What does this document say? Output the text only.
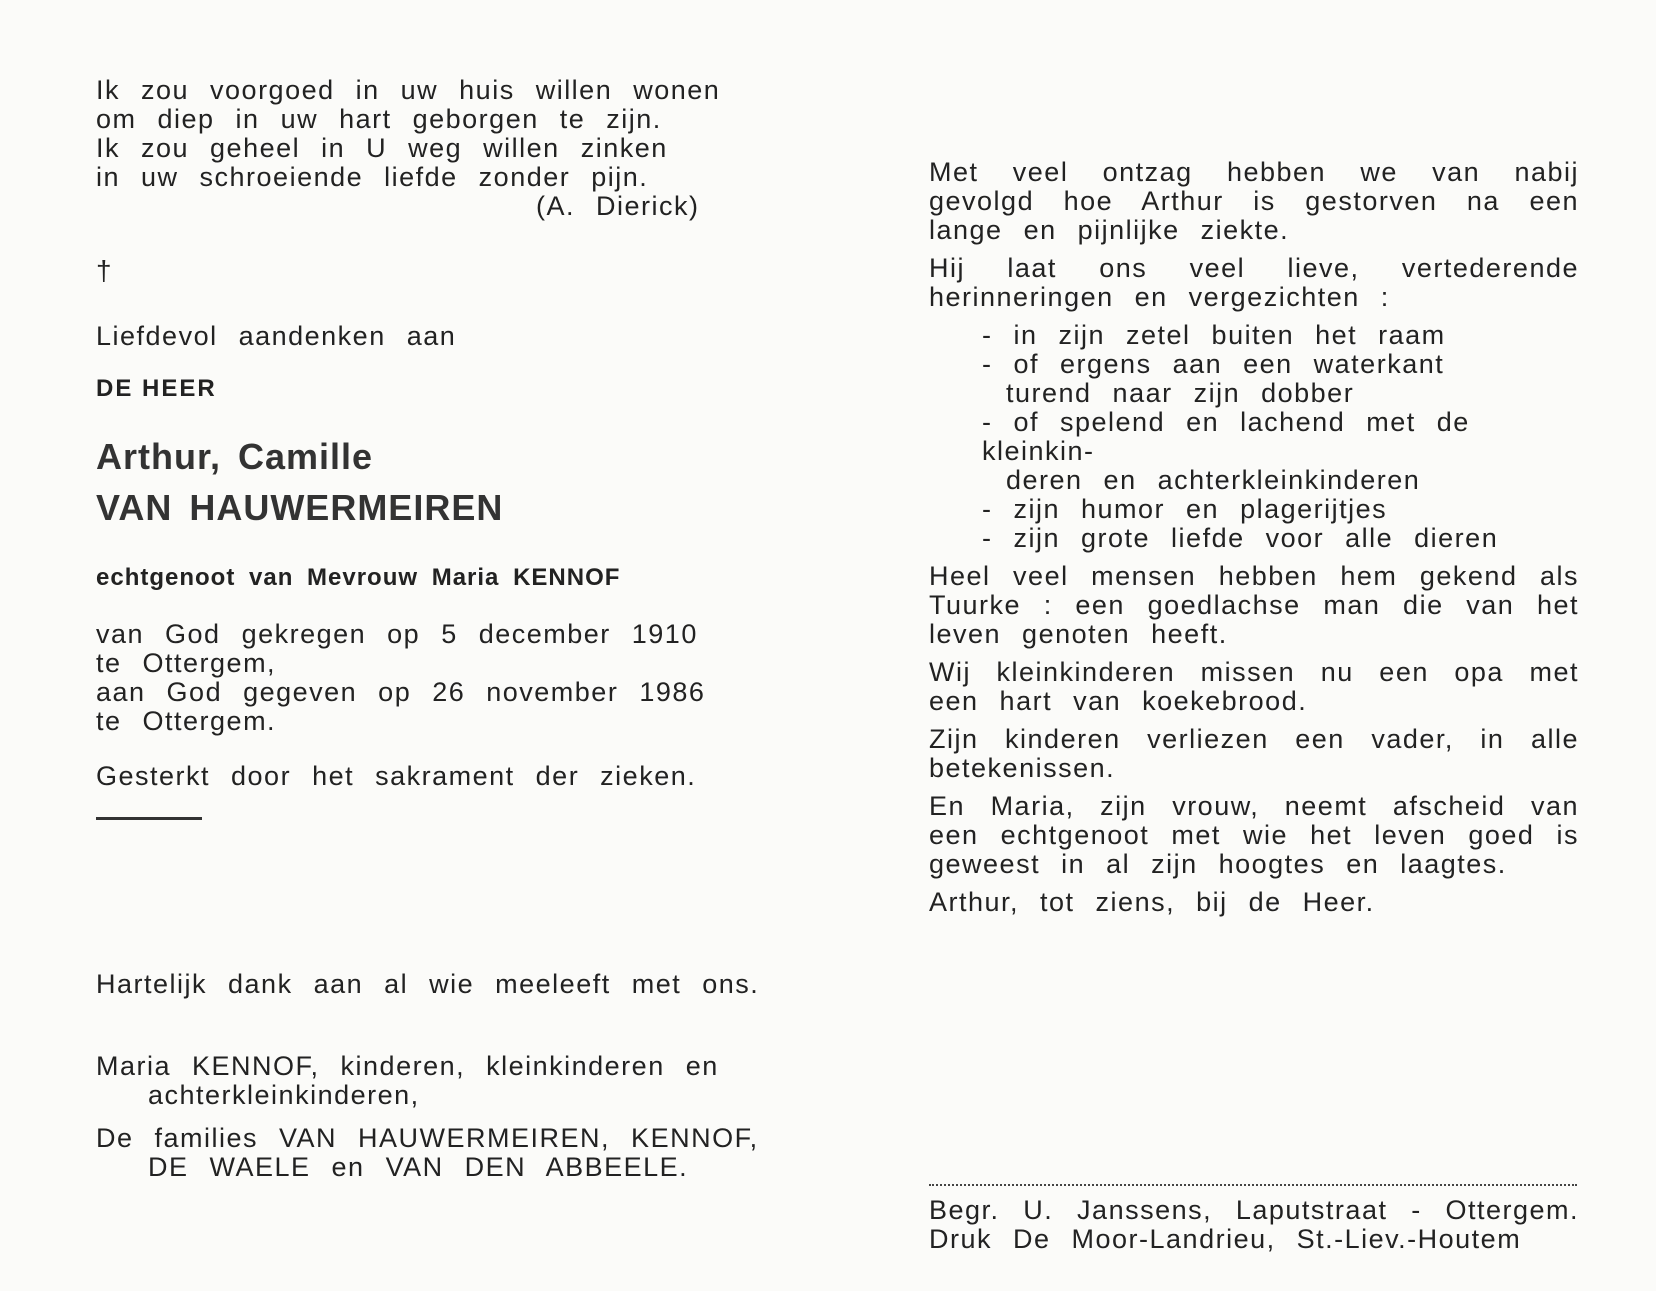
Ik zou voorgoed in uw huis willen wonen
om diep in uw hart geborgen te zijn.
Ik zou geheel in U weg willen zinken
in uw schroeiende liefde zonder pijn.
(A. Dierick)
†
Liefdevol aandenken aan
DE HEER
Arthur, Camille
VAN HAUWERMEIREN
echtgenoot van Mevrouw Maria KENNOF
van God gekregen op 5 december 1910
te Ottergem,
aan God gegeven op 26 november 1986
te Ottergem.
Gesterkt door het sakrament der zieken.
Hartelijk dank aan al wie meeleeft met ons.
Maria KENNOF, kinderen, kleinkinderen en
achterkleinkinderen,
De families VAN HAUWERMEIREN, KENNOF,
DE WAELE en VAN DEN ABBEELE.

Met veel ontzag hebben we van nabij gevolgd hoe Arthur is gestorven na een lange en pijnlijke ziekte.

Hij laat ons veel lieve, vertederende herinneringen en vergezichten :

- in zijn zetel buiten het raam
- of ergens aan een waterkant
turend naar zijn dobber
- of spelend en lachend met de kleinkin-
deren en achterkleinkinderen
- zijn humor en plagerijtjes
- zijn grote liefde voor alle dieren

Heel veel mensen hebben hem gekend als Tuurke : een goedlachse man die van het leven genoten heeft.

Wij kleinkinderen missen nu een opa met een hart van koekebrood.

Zijn kinderen verliezen een vader, in alle betekenissen.

En Maria, zijn vrouw, neemt afscheid van een echtgenoot met wie het leven goed is geweest in al zijn hoogtes en laagtes.

Arthur, tot ziens, bij de Heer.

Begr. U. Janssens, Laputstraat - Ottergem.
Druk De Moor-Landrieu, St.-Liev.-Houtem
